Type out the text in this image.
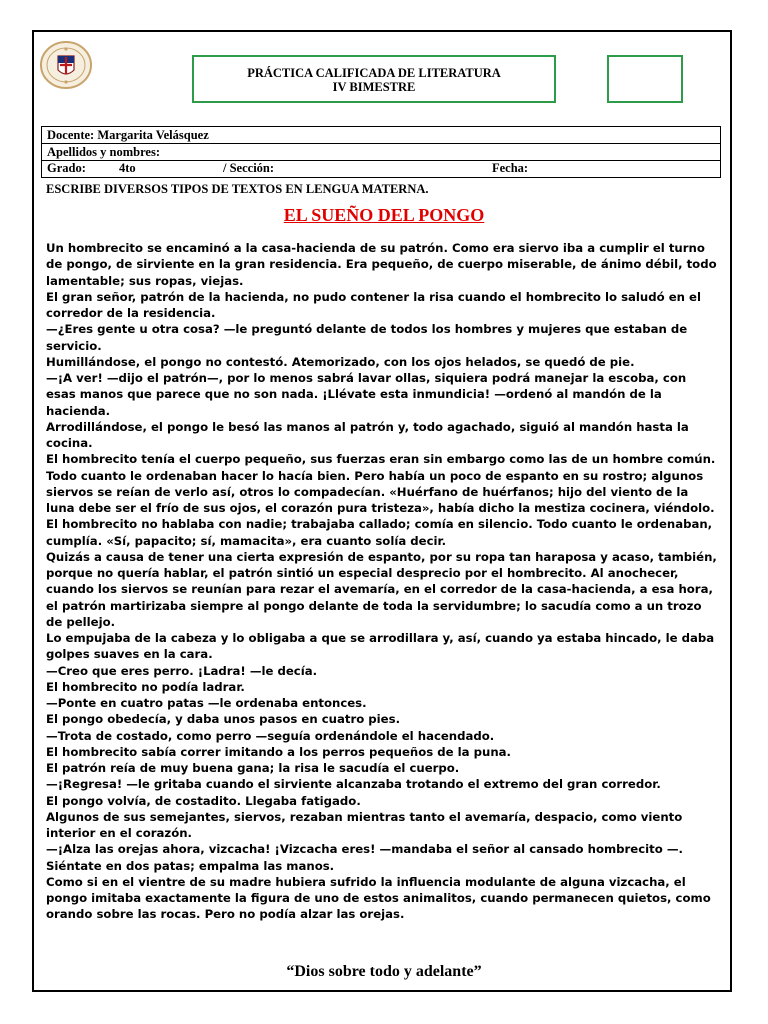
PRÁCTICA CALIFICADA DE LITERATURA
IV BIMESTRE
Docente: Margarita Velásquez
Apellidos y nombres:

Grado:	4to	/ Sección:	Fecha:
ESCRIBE DIVERSOS TIPOS DE TEXTOS EN LENGUA MATERNA.
EL SUEÑO DEL PONGO

Un hombrecito se encaminó a la casa-hacienda de su patrón. Como era siervo iba a cumplir el turno de pongo, de sirviente en la gran residencia. Era pequeño, de cuerpo miserable, de ánimo débil, todo lamentable; sus ropas, viejas.

El gran señor, patrón de la hacienda, no pudo contener la risa cuando el hombrecito lo saludó en el corredor de la residencia.

—¿Eres gente u otra cosa? —le preguntó delante de todos los hombres y mujeres que estaban de servicio.

Humillándose, el pongo no contestó. Atemorizado, con los ojos helados, se quedó de pie.

—¡A ver! —dijo el patrón—, por lo menos sabrá lavar ollas, siquiera podrá manejar la escoba, con esas manos que parece que no son nada. ¡Llévate esta inmundicia! —ordenó al mandón de la hacienda.

Arrodillándose, el pongo le besó las manos al patrón y, todo agachado, siguió al mandón hasta la cocina.

El hombrecito tenía el cuerpo pequeño, sus fuerzas eran sin embargo como las de un hombre común. Todo cuanto le ordenaban hacer lo hacía bien. Pero había un poco de espanto en su rostro; algunos siervos se reían de verlo así, otros lo compadecían. «Huérfano de huérfanos; hijo del viento de la luna debe ser el frío de sus ojos, el corazón pura tristeza», había dicho la mestiza cocinera, viéndolo.

El hombrecito no hablaba con nadie; trabajaba callado; comía en silencio. Todo cuanto le ordenaban, cumplía. «Sí, papacito; sí, mamacita», era cuanto solía decir.

Quizás a causa de tener una cierta expresión de espanto, por su ropa tan haraposa y acaso, también, porque no quería hablar, el patrón sintió un especial desprecio por el hombrecito. Al anochecer, cuando los siervos se reunían para rezar el avemaría, en el corredor de la casa-hacienda, a esa hora, el patrón martirizaba siempre al pongo delante de toda la servidumbre; lo sacudía como a un trozo de pellejo.

Lo empujaba de la cabeza y lo obligaba a que se arrodillara y, así, cuando ya estaba hincado, le daba golpes suaves en la cara.

—Creo que eres perro. ¡Ladra! —le decía.

El hombrecito no podía ladrar.

—Ponte en cuatro patas —le ordenaba entonces.

El pongo obedecía, y daba unos pasos en cuatro pies.

—Trota de costado, como perro —seguía ordenándole el hacendado.

El hombrecito sabía correr imitando a los perros pequeños de la puna.

El patrón reía de muy buena gana; la risa le sacudía el cuerpo.

—¡Regresa! —le gritaba cuando el sirviente alcanzaba trotando el extremo del gran corredor.

El pongo volvía, de costadito. Llegaba fatigado.

Algunos de sus semejantes, siervos, rezaban mientras tanto el avemaría, despacio, como viento interior en el corazón.

—¡Alza las orejas ahora, vizcacha! ¡Vizcacha eres! —mandaba el señor al cansado hombrecito —. Siéntate en dos patas; empalma las manos.

Como si en el vientre de su madre hubiera sufrido la influencia modulante de alguna vizcacha, el pongo imitaba exactamente la figura de uno de estos animalitos, cuando permanecen quietos, como orando sobre las rocas. Pero no podía alzar las orejas.

“Dios sobre todo y adelante”
